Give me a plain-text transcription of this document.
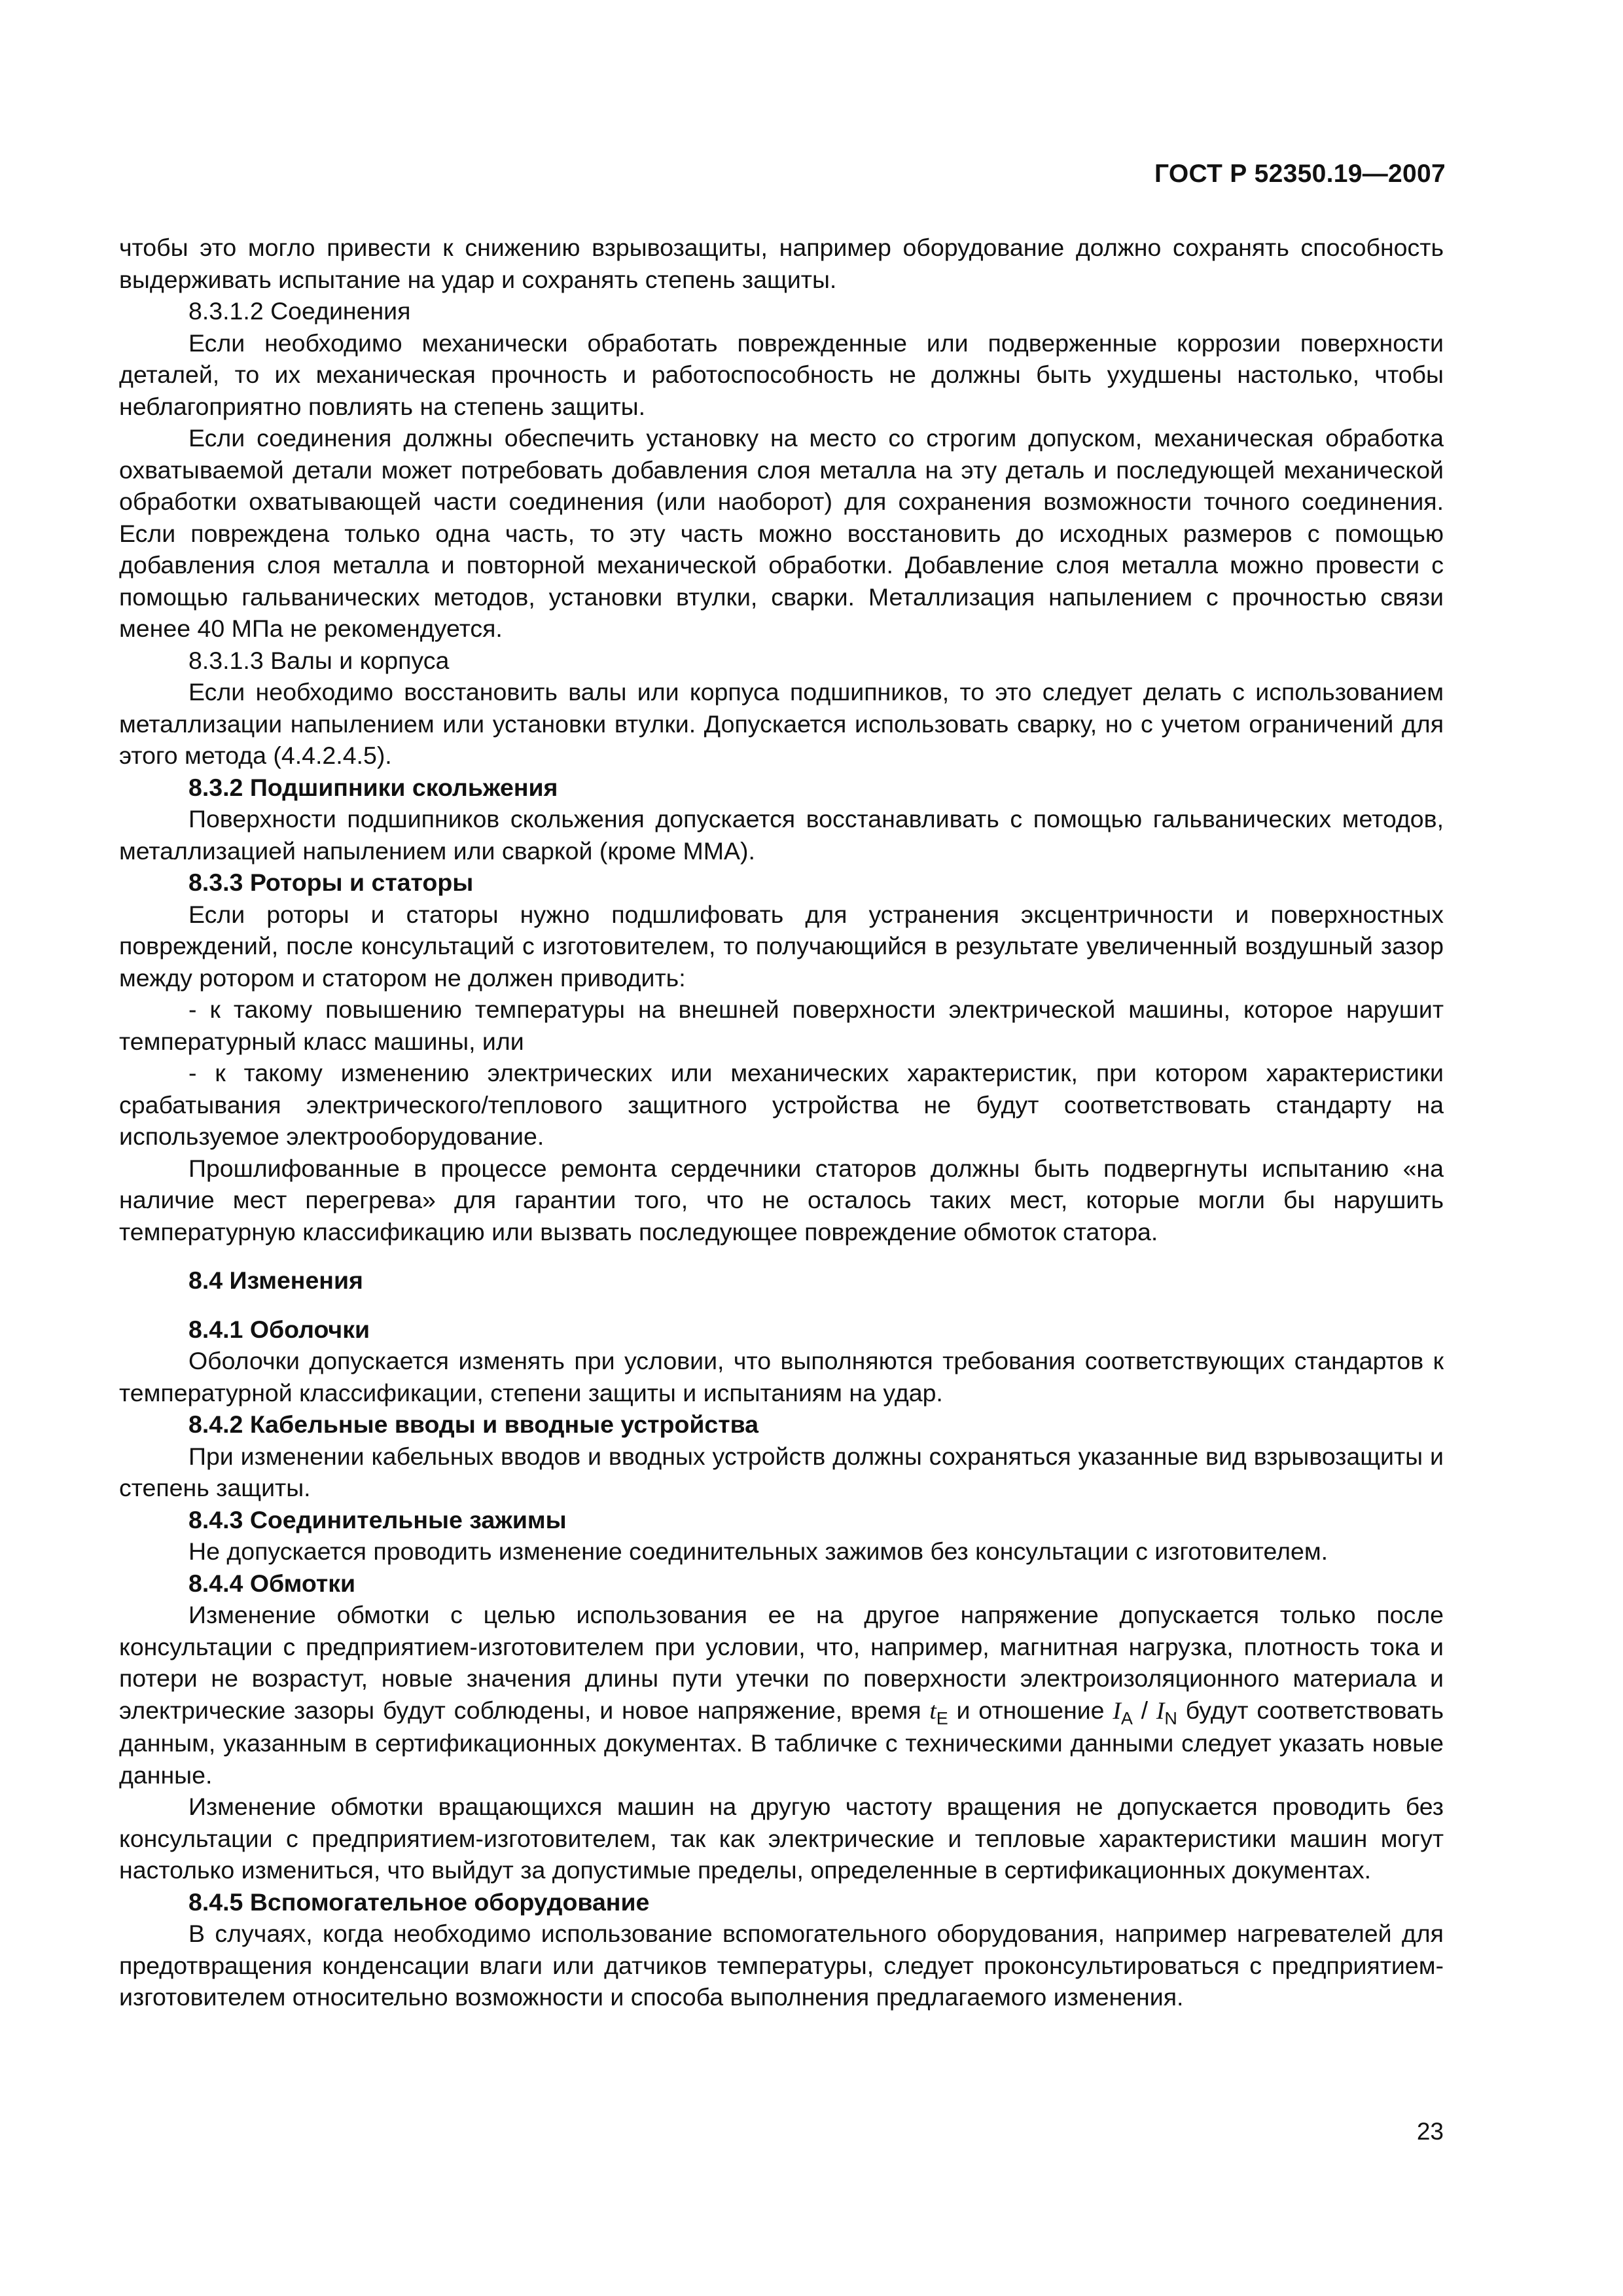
ГОСТ Р 52350.19—2007

чтобы это могло привести к снижению взрывозащиты, например оборудование должно сохранять способность выдерживать испытание на удар и сохранять степень защиты.

8.3.1.2 Соединения

Если необходимо механически обработать поврежденные или подверженные коррозии поверхности деталей, то их механическая прочность и работоспособность не должны быть ухудшены настолько, чтобы неблагоприятно повлиять на степень защиты.

Если соединения должны обеспечить установку на место со строгим допуском, механическая обработка охватываемой детали может потребовать добавления слоя металла на эту деталь и последующей механической обработки охватывающей части соединения (или наоборот) для сохранения возможности точного соединения. Если повреждена только одна часть, то эту часть можно восстановить до исходных размеров с помощью добавления слоя металла и повторной механической обработки. Добавление слоя металла можно провести с помощью гальванических методов, установки втулки, сварки. Металлизация напылением с прочностью связи менее 40 МПа не рекомендуется.

8.3.1.3 Валы и корпуса

Если необходимо восстановить валы или корпуса подшипников, то это следует делать с использованием металлизации напылением или установки втулки. Допускается использовать сварку, но с учетом ограничений для этого метода (4.4.2.4.5).

8.3.2 Подшипники скольжения

Поверхности подшипников скольжения допускается восстанавливать с помощью гальванических методов, металлизацией напылением или сваркой (кроме ММА).

8.3.3 Роторы и статоры

Если роторы и статоры нужно подшлифовать для устранения эксцентричности и поверхностных повреждений, после консультаций с изготовителем, то получающийся в результате увеличенный воздушный зазор между ротором и статором не должен приводить:

- к такому повышению температуры на внешней поверхности электрической машины, которое нарушит температурный класс машины, или

- к такому изменению электрических или механических характеристик, при котором характеристики срабатывания электрического/теплового защитного устройства не будут соответствовать стандарту на используемое электрооборудование.

Прошлифованные в процессе ремонта сердечники статоров должны быть подвергнуты испытанию «на наличие мест перегрева» для гарантии того, что не осталось таких мест, которые могли бы нарушить температурную классификацию или вызвать последующее повреждение обмоток статора.

8.4 Изменения

8.4.1 Оболочки

Оболочки допускается изменять при условии, что выполняются требования соответствующих стандартов к температурной классификации, степени защиты и испытаниям на удар.

8.4.2 Кабельные вводы и вводные устройства

При изменении кабельных вводов и вводных устройств должны сохраняться указанные вид взрывозащиты и степень защиты.

8.4.3 Соединительные зажимы

Не допускается проводить изменение соединительных зажимов без консультации с изготовителем.

8.4.4 Обмотки

Изменение обмотки с целью использования ее на другое напряжение допускается только после консультации с предприятием-изготовителем при условии, что, например, магнитная нагрузка, плотность тока и потери не возрастут, новые значения длины пути утечки по поверхности электроизоляционного материала и электрические зазоры будут соблюдены, и новое напряжение, время $t_E$ и отношение $I_A / I_N$ будут соответствовать данным, указанным в сертификационных документах. В табличке с техническими данными следует указать новые данные.

Изменение обмотки вращающихся машин на другую частоту вращения не допускается проводить без консультации с предприятием-изготовителем, так как электрические и тепловые характеристики машин могут настолько измениться, что выйдут за допустимые пределы, определенные в сертификационных документах.

8.4.5 Вспомогательное оборудование

В случаях, когда необходимо использование вспомогательного оборудования, например нагревателей для предотвращения конденсации влаги или датчиков температуры, следует проконсультироваться с предприятием-изготовителем относительно возможности и способа выполнения предлагаемого изменения.

23
